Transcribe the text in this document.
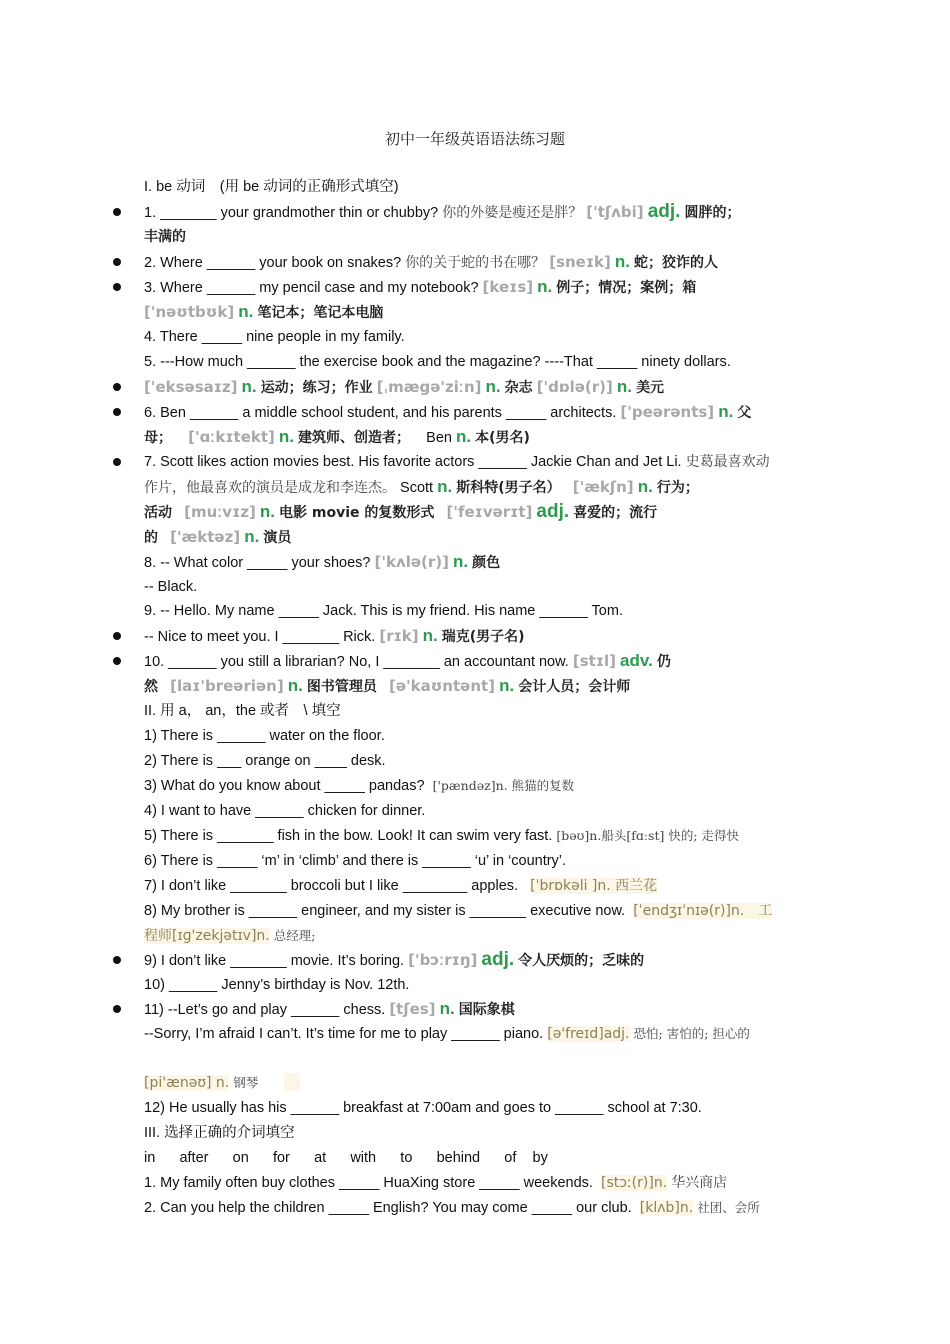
初中一年级英语语法练习题
I. be 动词　(用 be 动词的正确形式填空)
1. _______ your grandmother thin or chubby? 你的外婆是瘦还是胖？ ['tʃʌbi] adj. 圆胖的；
丰满的
2. Where ______ your book on snakes? 你的关于蛇的书在哪？ [sneɪk] n. 蛇；狡诈的人
3. Where ______ my pencil case and my notebook? [keɪs] n. 例子；情况；案例；箱
['nəʊtbʊk] n. 笔记本；笔记本电脑
4. There _____ nine people in my family.
5. ---How much ______ the exercise book and the magazine? ----That _____ ninety dollars.
['eksəsaɪz] n. 运动；练习；作业 [ˌmægə'ziːn] n. 杂志 ['dɒlə(r)] n. 美元
6. Ben ______ a middle school student, and his parents _____ architects. ['peərənts] n. 父
母； ['ɑːkɪtekt] n. 建筑师、创造者； Ben n. 本(男名)
7. Scott likes action movies best. His favorite actors ______ Jackie Chan and Jet Li. 史葛最喜欢动
作片，他最喜欢的演员是成龙和李连杰。 Scott n. 斯科特(男子名） ['ækʃn] n. 行为；
活动 [muːvɪz] n. 电影 movie 的复数形式 ['feɪvərɪt] adj. 喜爱的；流行
的 ['æktəz] n. 演员
8. -- What color _____ your shoes? ['kʌlə(r)] n. 颜色
-- Black.
9. -- Hello. My name _____ Jack. This is my friend. His name ______ Tom.
-- Nice to meet you. I _______ Rick. [rɪk] n. 瑞克(男子名)
10. ______ you still a librarian? No, I _______ an accountant now. [stɪl] adv. 仍
然 [laɪ'breəriən] n. 图书管理员 [ə'kaʊntənt] n. 会计人员；会计师
II. 用 a， an，the 或者　\ 填空
1) There is ______ water on the floor.
2) There is ___ orange on ____ desk.
3) What do you know about _____ pandas? ['pændəz]n. 熊猫的复数
4) I want to have ______ chicken for dinner.
5) There is _______ fish in the bow. Look! It can swim very fast. [bəʊ]n.船头[fɑːst] 快的; 走得快
6) There is _____ ‘m’ in ‘climb’ and there is ______ ‘u’ in ‘country’.
7) I don’t like _______ broccoli but I like ________ apples. [ˈbrɒkəli ]n. 西兰花
8) My brother is ______ engineer, and my sister is _______ executive now. [ˈendʒɪˈnɪə(r)]n.　工
程师[ɪɡ'zekjətɪv]n. 总经理;
9) I don’t like _______ movie. It’s boring. ['bɔːrɪŋ] adj. 令人厌烦的；乏味的
10) ______ Jenny’s birthday is Nov. 12th.
11) --Let’s go and play ______ chess. [tʃes] n. 国际象棋
--Sorry, I’m afraid I can’t. It’s time for me to play ______ piano. [ə'freɪd]adj. 恐怕; 害怕的; 担心的
[pi'ænəʊ] n. 钢琴
12) He usually has his ______ breakfast at 7:00am and goes to ______ school at 7:30.
III. 选择正确的介词填空
in after on for at with to behind of by
1. My family often buy clothes _____ HuaXing store _____ weekends. [stɔː(r)]n. 华兴商店
2. Can you help the children _____ English? You may come _____ our club. [klʌb]n. 社团、会所
